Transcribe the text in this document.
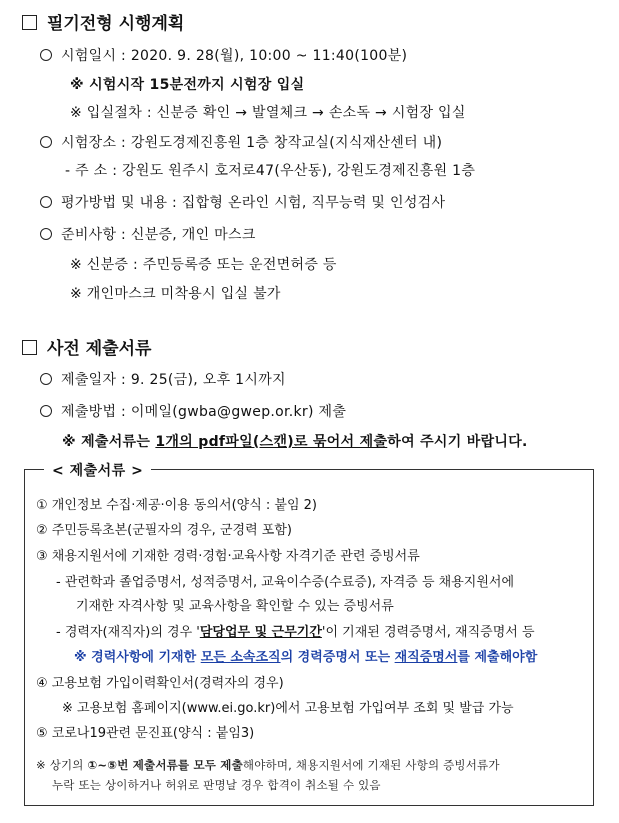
필기전형 시행계획
시험일시 : 2020. 9. 28(월), 10:00 ~ 11:40(100분)
※ 시험시작 15분전까지 시험장 입실
※ 입실절차 : 신분증 확인 → 발열체크 → 손소독 → 시험장 입실
시험장소 : 강원도경제진흥원 1층 창작교실(지식재산센터 내)
- 주 소 : 강원도 원주시 호저로47(우산동), 강원도경제진흥원 1층
평가방법 및 내용 : 집합형 온라인 시험, 직무능력 및 인성검사
준비사항 : 신분증, 개인 마스크
※ 신분증 : 주민등록증 또는 운전면허증 등
※ 개인마스크 미착용시 입실 불가
사전 제출서류
제출일자 : 9. 25(금), 오후 1시까지
제출방법 : 이메일(gwba@gwep.or.kr) 제출
※ 제출서류는 1개의 pdf파일(스캔)로 묶어서 제출하여 주시기 바랍니다.
< 제출서류 >
① 개인정보 수집·제공·이용 동의서(양식 : 붙임 2)
② 주민등록초본(군필자의 경우, 군경력 포함)
③ 채용지원서에 기재한 경력·경험·교육사항 자격기준 관련 증빙서류
- 관련학과 졸업증명서, 성적증명서, 교육이수증(수료증), 자격증 등 채용지원서에
기재한 자격사항 및 교육사항을 확인할 수 있는 증빙서류
- 경력자(재직자)의 경우 '담당업무 및 근무기간'이 기재된 경력증명서, 재직증명서 등
※ 경력사항에 기재한 모든 소속조직의 경력증명서 또는 재직증명서를 제출해야함
④ 고용보험 가입이력확인서(경력자의 경우)
※ 고용보험 홈페이지(www.ei.go.kr)에서 고용보험 가입여부 조회 및 발급 가능
⑤ 코로나19관련 문진표(양식 : 붙임3)
※ 상기의 ①~⑤번 제출서류를 모두 제출해야하며, 채용지원서에 기재된 사항의 증빙서류가
누락 또는 상이하거나 허위로 판명날 경우 합격이 취소될 수 있음
